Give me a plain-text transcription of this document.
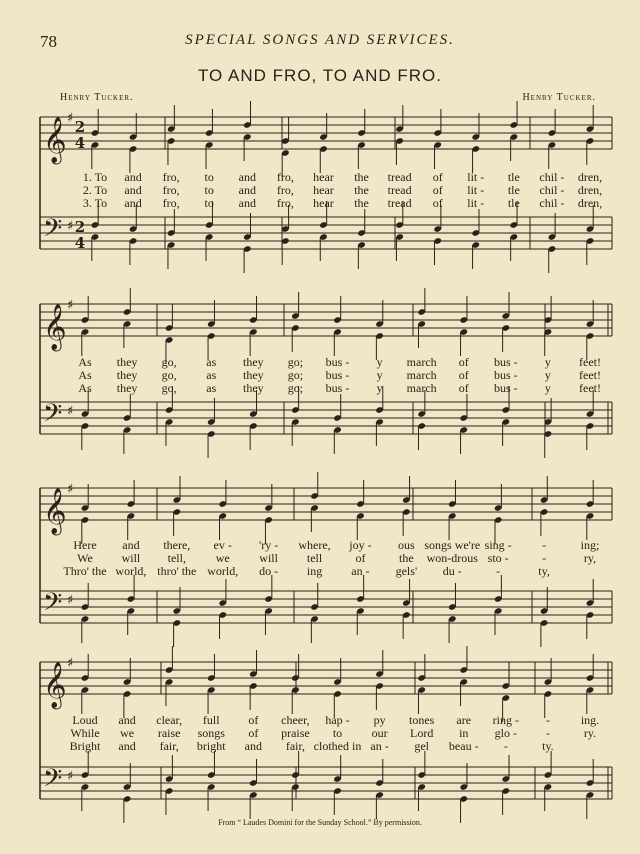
78	SPECIAL SONGS AND SERVICES.
TO AND FRO, TO AND FRO.
Henry Tucker.	Henry Tucker.
𝄞
𝄢
♯
♯
2
4
2
4
1. To and fro, to and fro, hear the tread of lit - tle chil - dren,
2. To and fro, to and fro, hear the tread of lit - tle chil - dren,
3. To and fro, to and fro, hear the tread of lit - tle chil - dren,
𝄞
𝄢
♯
♯
As they go, as they go; bus - y march of bus - y feet!
As they go, as they go; bus - y march of bus - y feet!
As they go, as they go; bus - y march of bus - y feet!
𝄞
𝄢
♯
♯
Here and there, ev - 'ry - where, joy - ous songs we're sing -	-	ing;
We will tell, we will tell	of	the won-drous sto -	-	ry,
Thro' the world, thro' the world, do - ing an - gels' du -	-	ty,
𝄞
𝄢
♯
♯
Loud and clear, full of cheer, hap - py tones are ring - -	ing.
While we raise songs of praise to our Lord in glo - -	ry.
Bright and fair, bright and fair, clothed in an - gel beau - -	ty.
From “ Laudes Domini for the Sunday School.” By permission.
